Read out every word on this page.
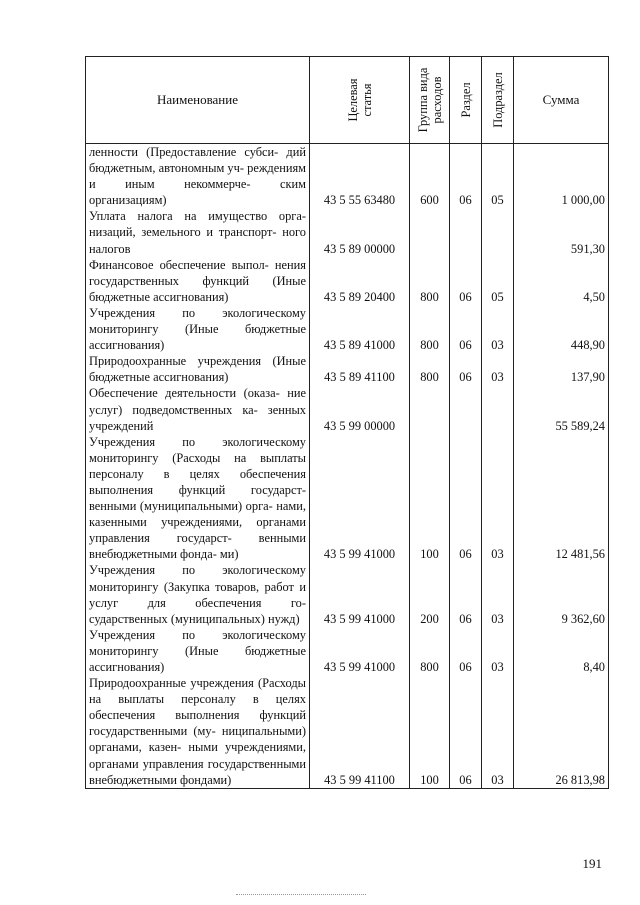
Наименование	Целевая статья	Группа вида расходов	Раздел	Подраздел	Сумма
ленности (Предоставление субси- дий бюджетным, автономным уч- реждениям и иным некоммерче- ским организациям)	43 5 55 63480	600	06	05	1 000,00
Уплата налога на имущество орга- низаций, земельного и транспорт- ного налогов	43 5 89 00000				591,30
Финансовое обеспечение выпол- нения государственных функций (Иные бюджетные ассигнования)	43 5 89 20400	800	06	05	4,50
Учреждения по экологическому мониторингу (Иные бюджетные ассигнования)	43 5 89 41000	800	06	03	448,90
Природоохранные учреждения (Иные бюджетные ассигнования)	43 5 89 41100	800	06	03	137,90
Обеспечение деятельности (оказа- ние услуг) подведомственных ка- зенных учреждений	43 5 99 00000				55 589,24
Учреждения по экологическому мониторингу (Расходы на выплаты персоналу в целях обеспечения выполнения функций государст- венными (муниципальными) орга- нами, казенными учреждениями, органами управления государст- венными внебюджетными фонда- ми)	43 5 99 41000	100	06	03	12 481,56
Учреждения по экологическому мониторингу (Закупка товаров, работ и услуг для обеспечения го- сударственных (муниципальных) нужд)	43 5 99 41000	200	06	03	9 362,60
Учреждения по экологическому мониторингу (Иные бюджетные ассигнования)	43 5 99 41000	800	06	03	8,40
Природоохранные учреждения (Расходы на выплаты персоналу в целях обеспечения выполнения функций государственными (му- ниципальными) органами, казен- ными учреждениями, органами управления государственными внебюджетными фондами)	43 5 99 41100	100	06	03	26 813,98
191
